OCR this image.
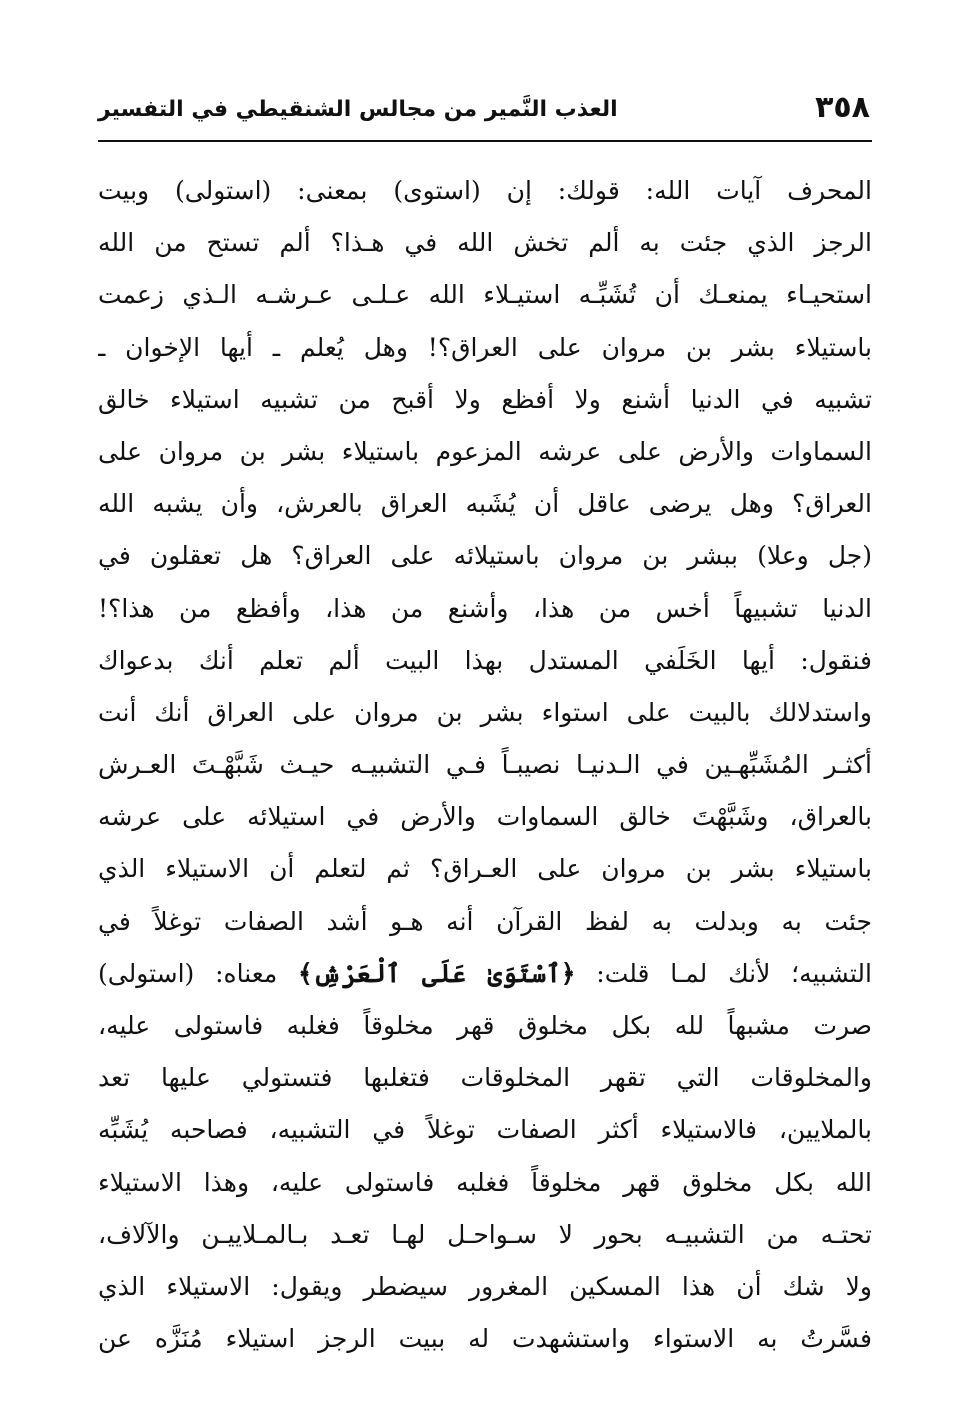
٣٥٨
العذب النَّمير من مجالس الشنقيطي في التفسير
المحرف آيات الله: قولك: إن (استوى) بمعنى: (استولى) وبيت
الرجز الذي جئت به ألم تخش الله في هـذا؟ ألم تستح من الله
استحيـاء يمنعـك أن تُشَبِّـه استيـلاء الله عـلـى عـرشـه الـذي زعمت
باستيلاء بشر بن مروان على العراق؟! وهل يُعلم ـ أيها الإخوان ـ
تشبيه في الدنيا أشنع ولا أفظع ولا أقبح من تشبيه استيلاء خالق
السماوات والأرض على عرشه المزعوم باستيلاء بشر بن مروان على
العراق؟ وهل يرضى عاقل أن يُشَبه العراق بالعرش، وأن يشبه الله
(جل وعلا) ببشر بن مروان باستيلائه على العراق؟ هل تعقلون في
الدنيا تشبيهاً أخس من هذا، وأشنع من هذا، وأفظع من هذا؟!
فنقول: أيها الخَلَفي المستدل بهذا البيت ألم تعلم أنك بدعواك
واستدلالك بالبيت على استواء بشر بن مروان على العراق أنك أنت
أكثـر المُشَبِّهـين في الـدنيـا نصيبـاً فـي التشبيـه حيـث شَبَّهْـتَ العـرش
بالعراق، وشَبَّهْتَ خالق السماوات والأرض في استيلائه على عرشه
باستيلاء بشر بن مروان على العـراق؟ ثم لتعلم أن الاستيلاء الذي
جئت به وبدلت به لفظ القرآن أنه هـو أشد الصفات توغلاً في
التشبيه؛ لأنك لمـا قلت: ﴿ٱسْتَوَىٰ عَلَى ٱلْعَرْشِ﴾ معناه: (استولى)
صرت مشبهاً لله بكل مخلوق قهر مخلوقاً فغلبه فاستولى عليه،
والمخلوقات التي تقهر المخلوقات فتغلبها فتستولي عليها تعد
بالملايين، فالاستيلاء أكثر الصفات توغلاً في التشبيه، فصاحبه يُشَبِّه
الله بكل مخلوق قهر مخلوقاً فغلبه فاستولى عليه، وهذا الاستيلاء
تحتـه من التشبيـه بحور لا سـواحـل لهـا تعـد بـالمـلاييـن والآلاف،
ولا شك أن هذا المسكين المغرور سيضطر ويقول: الاستيلاء الذي
فسَّرتُ به الاستواء واستشهدت له ببيت الرجز استيلاء مُنَزَّه عن
